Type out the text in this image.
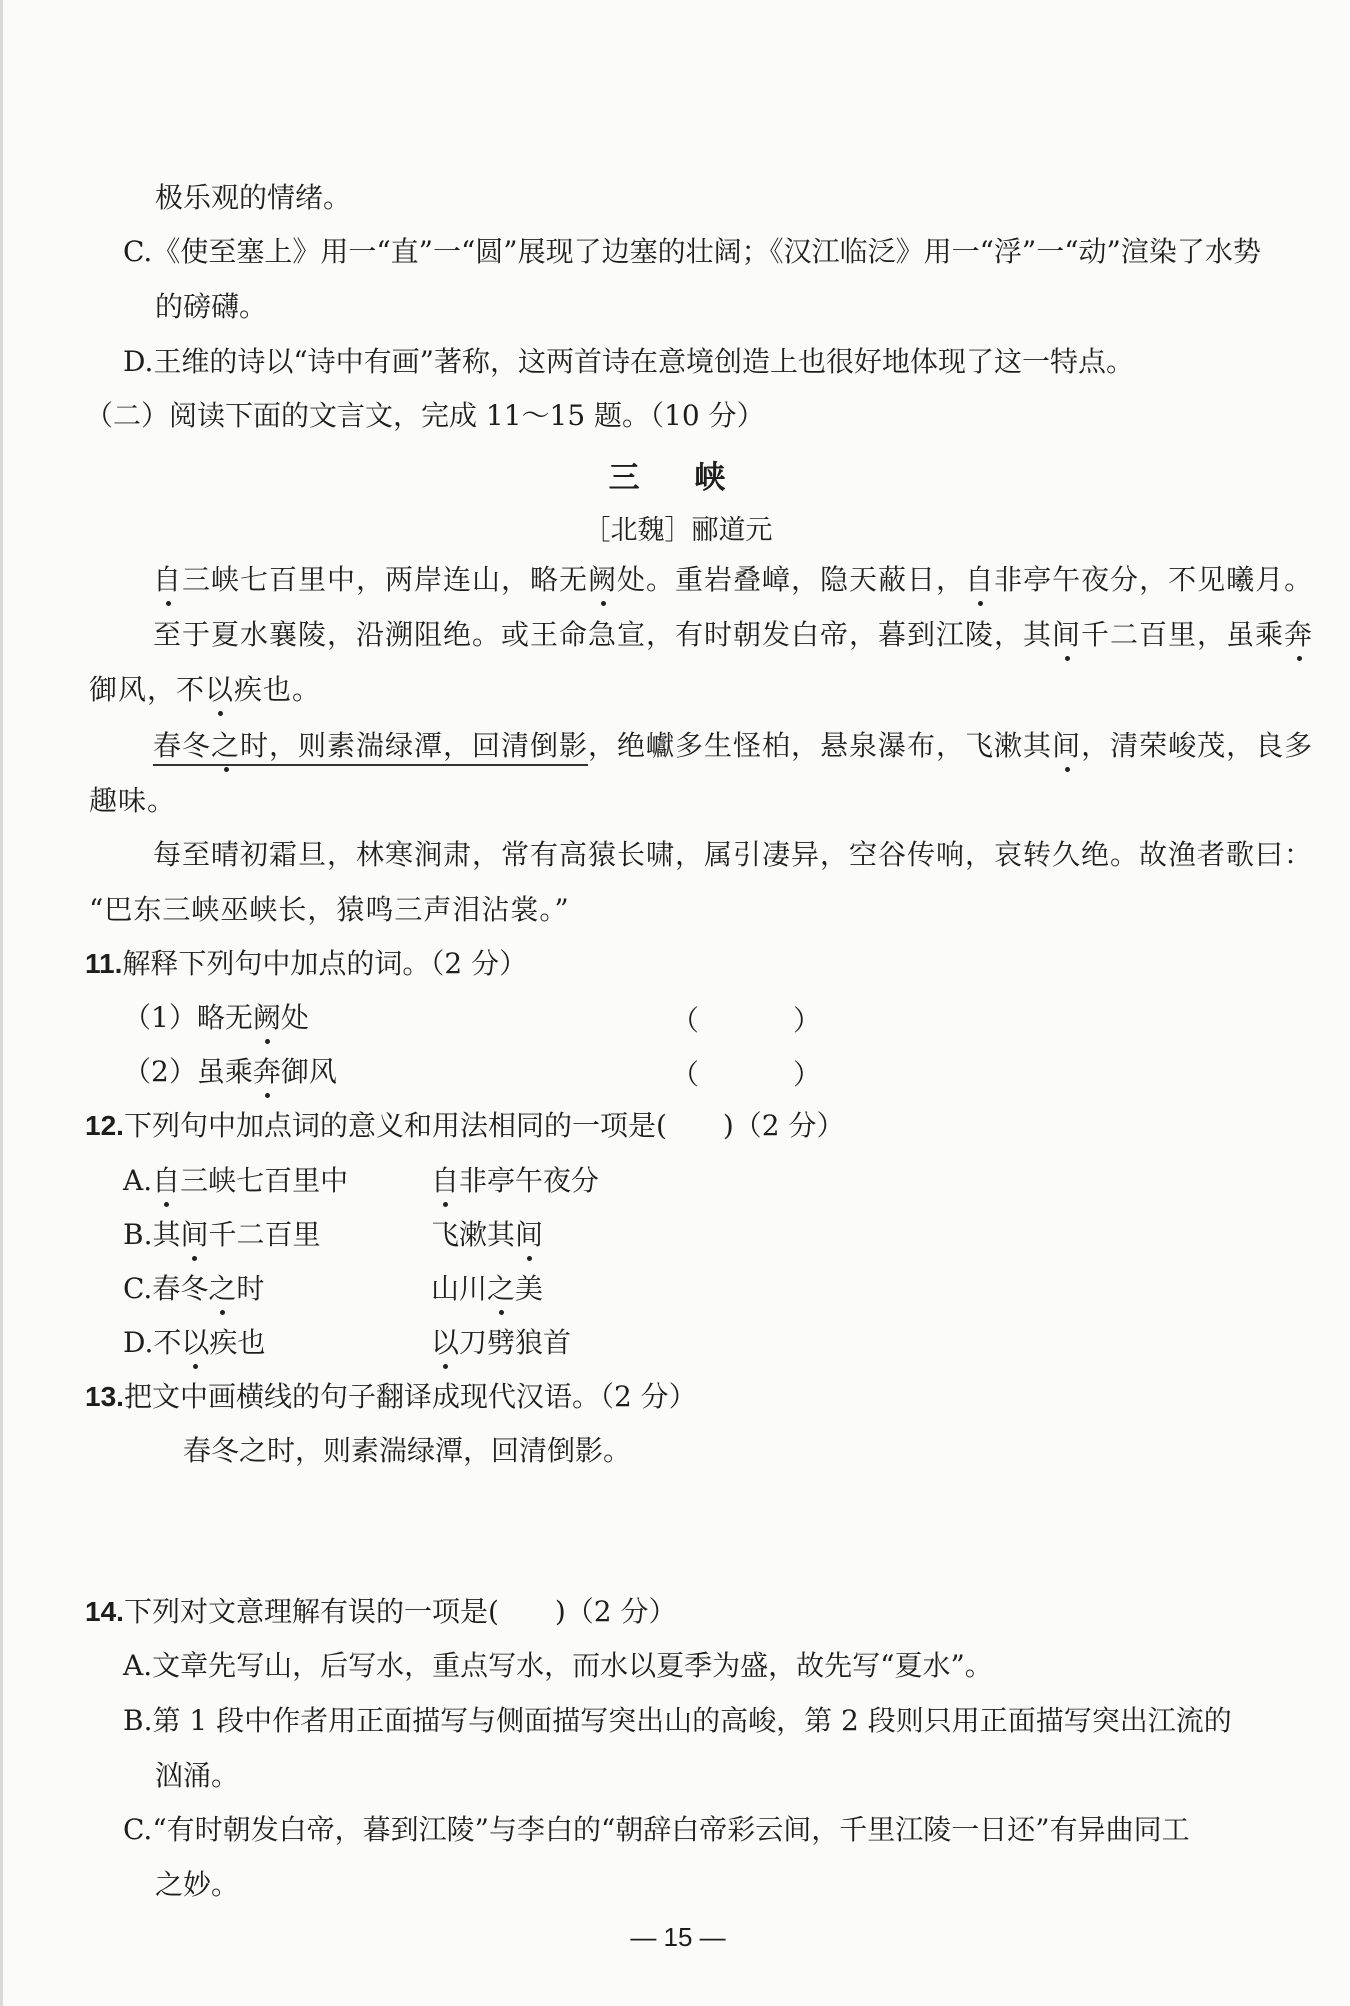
极乐观的情绪。
C.《使至塞上》用一“直”一“圆”展现了边塞的壮阔；《汉江临泛》用一“浮”一“动”渲染了水势
的磅礴。
D.王维的诗以“诗中有画”著称，这两首诗在意境创造上也很好地体现了这一特点。
（二）阅读下面的文言文，完成 11～15 题。（10 分）
三 峡
［北魏］郦道元
自三峡七百里中，两岸连山，略无阙处。重岩叠嶂，隐天蔽日，自非亭午夜分，不见曦月。
至于夏水襄陵，沿溯阻绝。或王命急宣，有时朝发白帝，暮到江陵，其间千二百里，虽乘奔
御风，不以疾也。
春冬之时，则素湍绿潭，回清倒影，绝巘多生怪柏，悬泉瀑布，飞漱其间，清荣峻茂，良多
趣味。
每至晴初霜旦，林寒涧肃，常有高猿长啸，属引凄异，空谷传响，哀转久绝。故渔者歌曰：
“巴东三峡巫峡长，猿鸣三声泪沾裳。”
11.解释下列句中加点的词。（2 分）
（1）略无阙处	（	）
（2）虽乘奔御风	（	）
12.下列句中加点词的意义和用法相同的一项是(　　)（2 分）
A.自三峡七百里中	自非亭午夜分
B.其间千二百里	飞漱其间
C.春冬之时	山川之美
D.不以疾也	以刀劈狼首
13.把文中画横线的句子翻译成现代汉语。（2 分）
春冬之时，则素湍绿潭，回清倒影。
14.下列对文意理解有误的一项是(　　)（2 分）
A.文章先写山，后写水，重点写水，而水以夏季为盛，故先写“夏水”。
B.第 1 段中作者用正面描写与侧面描写突出山的高峻，第 2 段则只用正面描写突出江流的
汹涌。
C.“有时朝发白帝，暮到江陵”与李白的“朝辞白帝彩云间，千里江陵一日还”有异曲同工
之妙。
— 15 —
